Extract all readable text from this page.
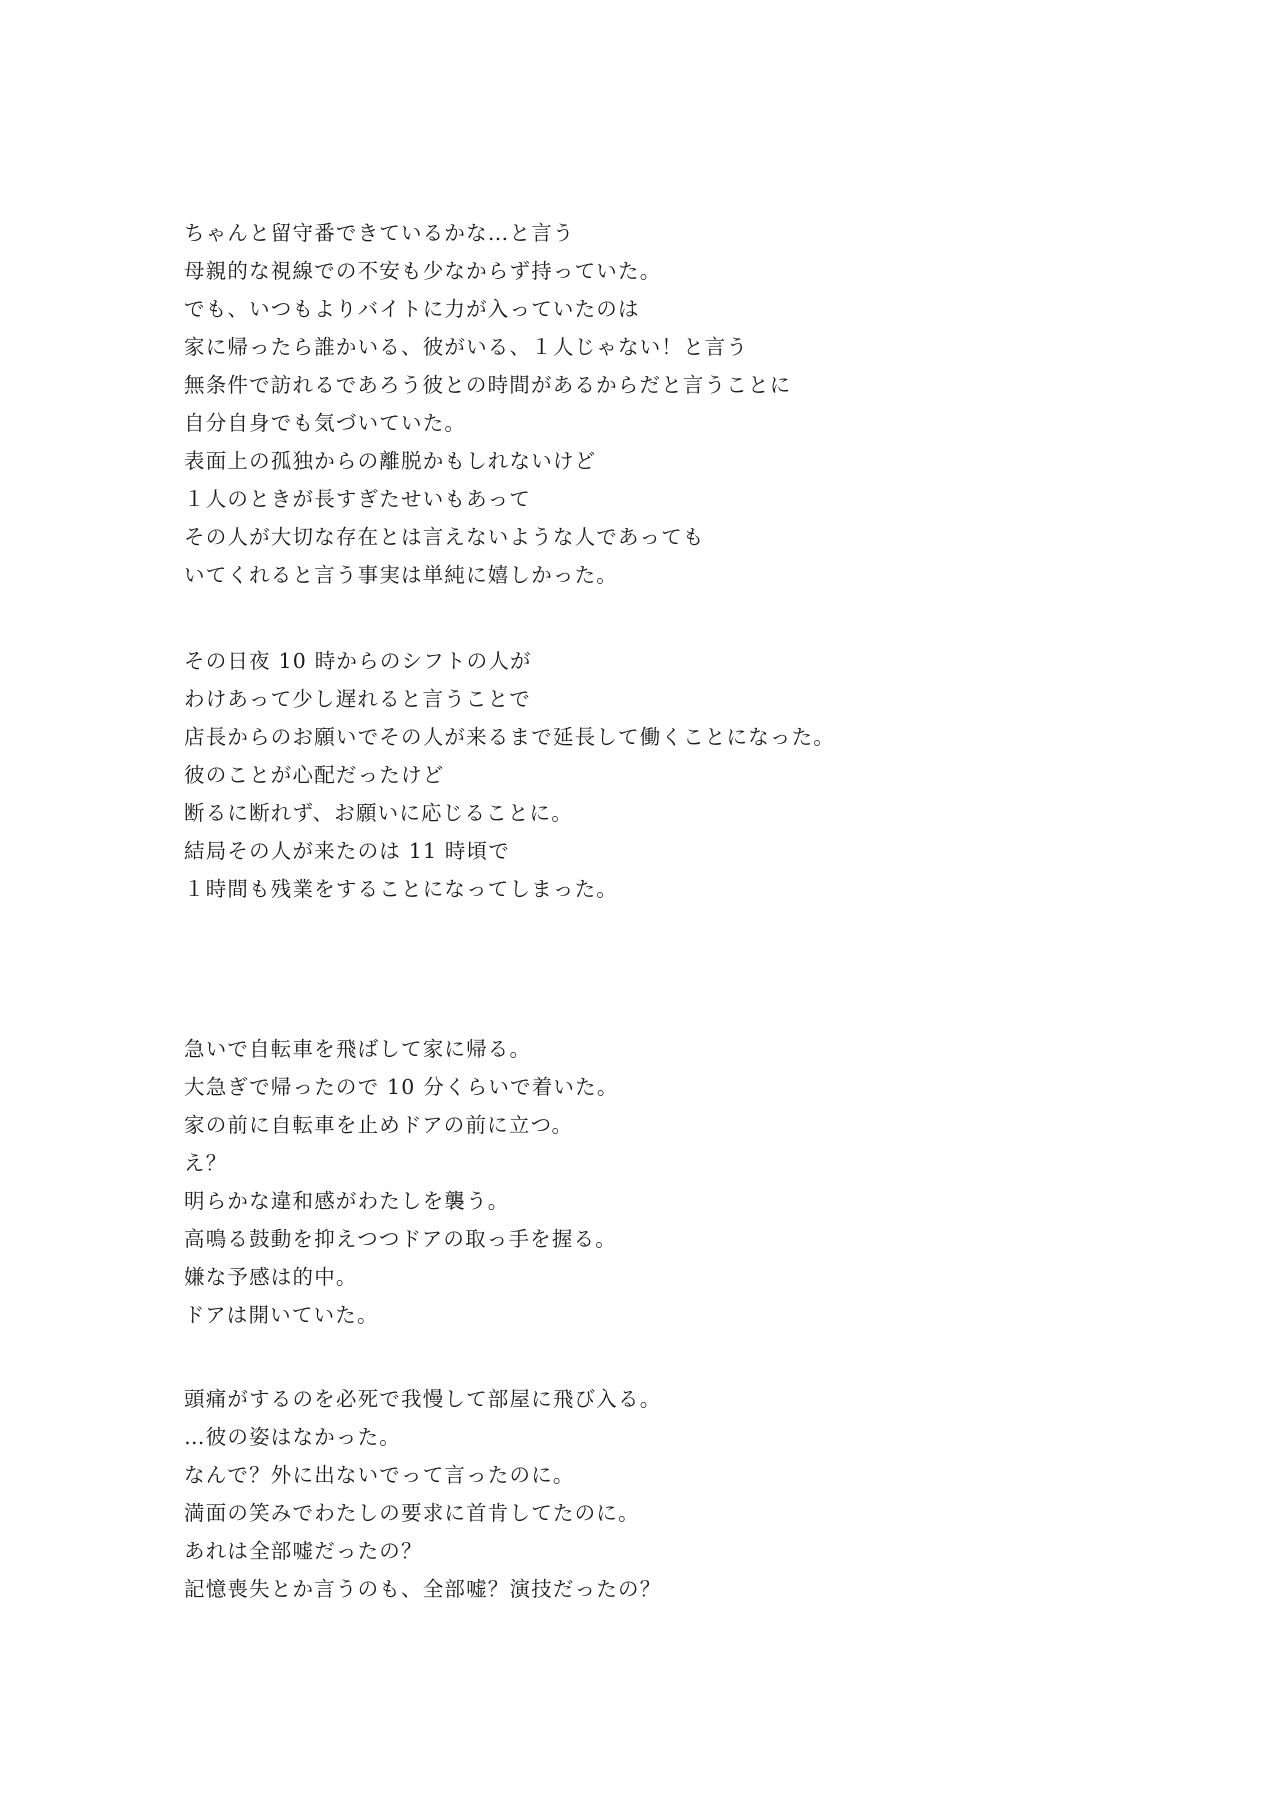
ちゃんと留守番できているかな…と言う
母親的な視線での不安も少なからず持っていた。
でも、いつもよりバイトに力が入っていたのは
家に帰ったら誰かいる、彼がいる、１人じゃない！と言う
無条件で訪れるであろう彼との時間があるからだと言うことに
自分自身でも気づいていた。
表面上の孤独からの離脱かもしれないけど
１人のときが長すぎたせいもあって
その人が大切な存在とは言えないような人であっても
いてくれると言う事実は単純に嬉しかった。
その日夜 10 時からのシフトの人が
わけあって少し遅れると言うことで
店長からのお願いでその人が来るまで延長して働くことになった。
彼のことが心配だったけど
断るに断れず、お願いに応じることに。
結局その人が来たのは 11 時頃で
１時間も残業をすることになってしまった。
急いで自転車を飛ばして家に帰る。
大急ぎで帰ったので 10 分くらいで着いた。
家の前に自転車を止めドアの前に立つ。
え？
明らかな違和感がわたしを襲う。
高鳴る鼓動を抑えつつドアの取っ手を握る。
嫌な予感は的中。
ドアは開いていた。
頭痛がするのを必死で我慢して部屋に飛び入る。
…彼の姿はなかった。
なんで？外に出ないでって言ったのに。
満面の笑みでわたしの要求に首肯してたのに。
あれは全部嘘だったの？
記憶喪失とか言うのも、全部嘘？演技だったの？
